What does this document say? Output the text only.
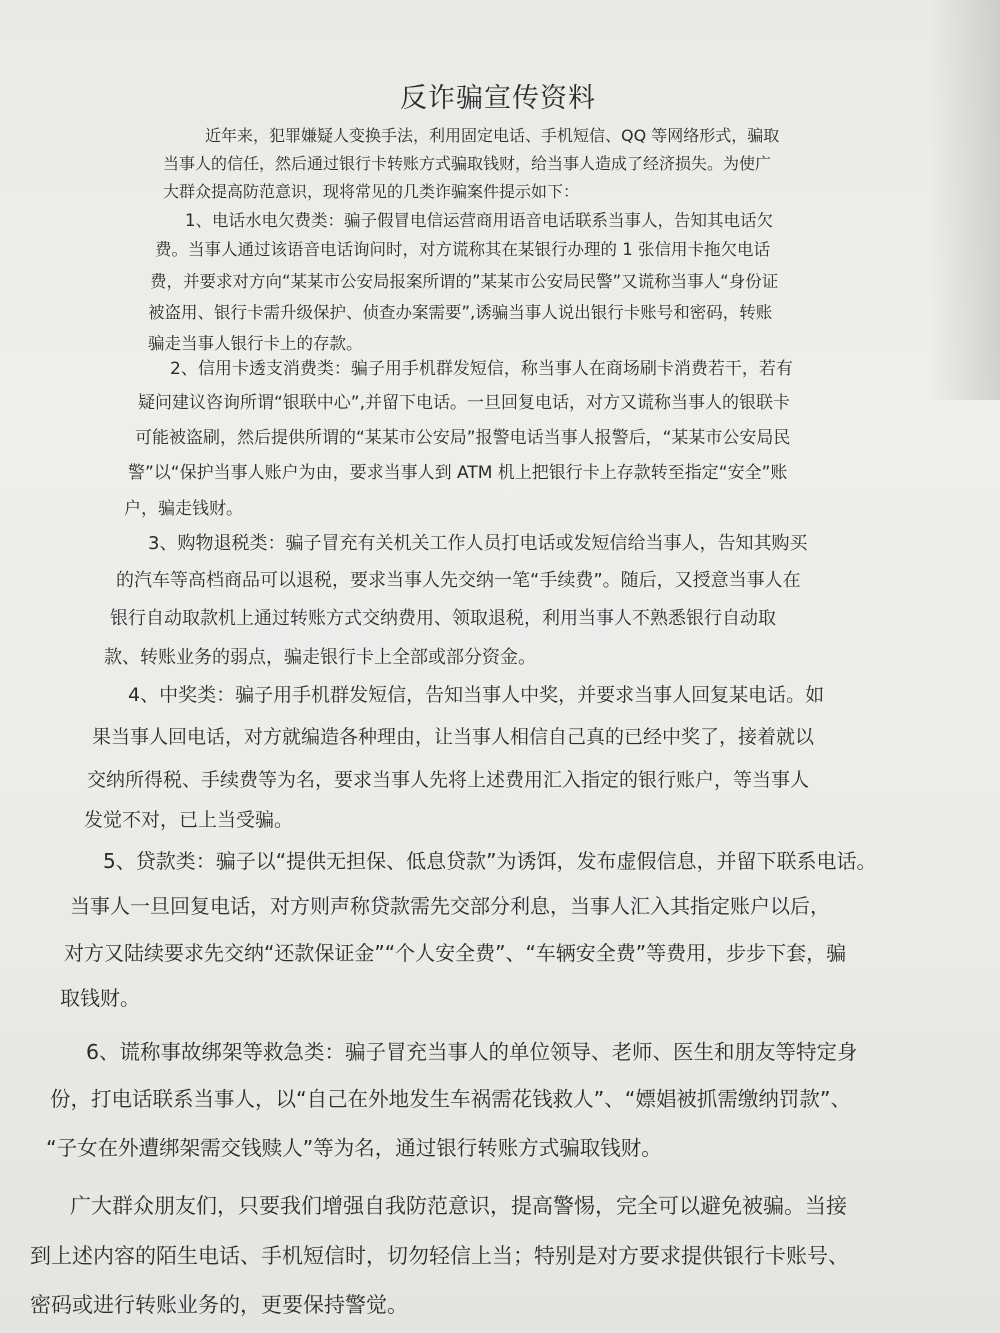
反诈骗宣传资料

近年来，犯罪嫌疑人变换手法，利用固定电话、手机短信、QQ 等网络形式，骗取

当事人的信任，然后通过银行卡转账方式骗取钱财，给当事人造成了经济损失。为使广

大群众提高防范意识，现将常见的几类诈骗案件提示如下：

1、电话水电欠费类：骗子假冒电信运营商用语音电话联系当事人，告知其电话欠

费。当事人通过该语音电话询问时，对方谎称其在某银行办理的 1 张信用卡拖欠电话

费，并要求对方向“某某市公安局报案所谓的”某某市公安局民警”又谎称当事人“身份证

被盗用、银行卡需升级保护、侦查办案需要”,诱骗当事人说出银行卡账号和密码，转账

骗走当事人银行卡上的存款。

2、信用卡透支消费类：骗子用手机群发短信，称当事人在商场刷卡消费若干，若有

疑问建议咨询所谓“银联中心”,并留下电话。一旦回复电话，对方又谎称当事人的银联卡

可能被盗刷，然后提供所谓的“某某市公安局”报警电话当事人报警后，“某某市公安局民

警”以“保护当事人账户为由，要求当事人到 ATM 机上把银行卡上存款转至指定“安全”账

户，骗走钱财。

3、购物退税类：骗子冒充有关机关工作人员打电话或发短信给当事人，告知其购买

的汽车等高档商品可以退税，要求当事人先交纳一笔“手续费”。随后，又授意当事人在

银行自动取款机上通过转账方式交纳费用、领取退税，利用当事人不熟悉银行自动取

款、转账业务的弱点，骗走银行卡上全部或部分资金。

4、中奖类：骗子用手机群发短信，告知当事人中奖，并要求当事人回复某电话。如

果当事人回电话，对方就编造各种理由，让当事人相信自己真的已经中奖了，接着就以

交纳所得税、手续费等为名，要求当事人先将上述费用汇入指定的银行账户，等当事人

发觉不对，已上当受骗。

5、贷款类：骗子以“提供无担保、低息贷款”为诱饵，发布虚假信息，并留下联系电话。

当事人一旦回复电话，对方则声称贷款需先交部分利息，当事人汇入其指定账户以后，

对方又陆续要求先交纳“还款保证金”“个人安全费”、“车辆安全费”等费用，步步下套，骗

取钱财。

6、谎称事故绑架等救急类：骗子冒充当事人的单位领导、老师、医生和朋友等特定身

份，打电话联系当事人，以“自己在外地发生车祸需花钱救人”、“嫖娼被抓需缴纳罚款”、

“子女在外遭绑架需交钱赎人”等为名，通过银行转账方式骗取钱财。

广大群众朋友们，只要我们增强自我防范意识，提高警惕，完全可以避免被骗。当接

到上述内容的陌生电话、手机短信时，切勿轻信上当；特别是对方要求提供银行卡账号、

密码或进行转账业务的，更要保持警觉。
